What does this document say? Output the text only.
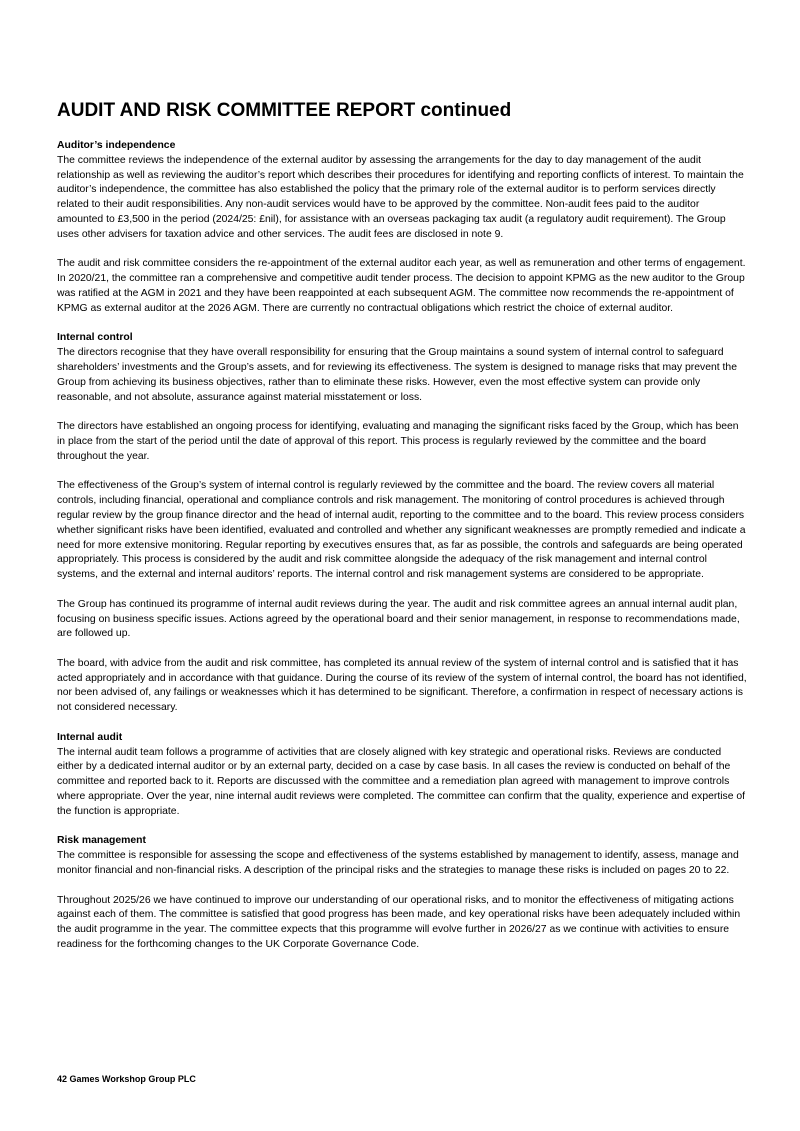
AUDIT AND RISK COMMITTEE REPORT continued

Auditor’s independence

The committee reviews the independence of the external auditor by assessing the arrangements for the day to day management of the audit relationship as well as reviewing the auditor’s report which describes their procedures for identifying and reporting conflicts of interest. To maintain the auditor’s independence, the committee has also established the policy that the primary role of the external auditor is to perform services directly related to their audit responsibilities. Any non-audit services would have to be approved by the committee. Non-audit fees paid to the auditor amounted to £3,500 in the period (2024/25: £nil), for assistance with an overseas packaging tax audit (a regulatory audit requirement). The Group uses other advisers for taxation advice and other services. The audit fees are disclosed in note 9.

The audit and risk committee considers the re-appointment of the external auditor each year, as well as remuneration and other terms of engagement. In 2020/21, the committee ran a comprehensive and competitive audit tender process. The decision to appoint KPMG as the new auditor to the Group was ratified at the AGM in 2021 and they have been reappointed at each subsequent AGM. The committee now recommends the re-appointment of KPMG as external auditor at the 2026 AGM. There are currently no contractual obligations which restrict the choice of external auditor.

Internal control

The directors recognise that they have overall responsibility for ensuring that the Group maintains a sound system of internal control to safeguard shareholders’ investments and the Group’s assets, and for reviewing its effectiveness. The system is designed to manage risks that may prevent the Group from achieving its business objectives, rather than to eliminate these risks. However, even the most effective system can provide only reasonable, and not absolute, assurance against material misstatement or loss.

The directors have established an ongoing process for identifying, evaluating and managing the significant risks faced by the Group, which has been in place from the start of the period until the date of approval of this report. This process is regularly reviewed by the committee and the board throughout the year.

The effectiveness of the Group’s system of internal control is regularly reviewed by the committee and the board. The review covers all material controls, including financial, operational and compliance controls and risk management. The monitoring of control procedures is achieved through regular review by the group finance director and the head of internal audit, reporting to the committee and to the board. This review process considers whether significant risks have been identified, evaluated and controlled and whether any significant weaknesses are promptly remedied and indicate a need for more extensive monitoring. Regular reporting by executives ensures that, as far as possible, the controls and safeguards are being operated appropriately. This process is considered by the audit and risk committee alongside the adequacy of the risk management and internal control systems, and the external and internal auditors’ reports. The internal control and risk management systems are considered to be appropriate.

The Group has continued its programme of internal audit reviews during the year. The audit and risk committee agrees an annual internal audit plan, focusing on business specific issues. Actions agreed by the operational board and their senior management, in response to recommendations made, are followed up.

The board, with advice from the audit and risk committee, has completed its annual review of the system of internal control and is satisfied that it has acted appropriately and in accordance with that guidance. During the course of its review of the system of internal control, the board has not identified, nor been advised of, any failings or weaknesses which it has determined to be significant. Therefore, a confirmation in respect of necessary actions is not considered necessary.

Internal audit

The internal audit team follows a programme of activities that are closely aligned with key strategic and operational risks. Reviews are conducted either by a dedicated internal auditor or by an external party, decided on a case by case basis. In all cases the review is conducted on behalf of the committee and reported back to it. Reports are discussed with the committee and a remediation plan agreed with management to improve controls where appropriate. Over the year, nine internal audit reviews were completed. The committee can confirm that the quality, experience and expertise of the function is appropriate.

Risk management

The committee is responsible for assessing the scope and effectiveness of the systems established by management to identify, assess, manage and monitor financial and non-financial risks. A description of the principal risks and the strategies to manage these risks is included on pages 20 to 22.

Throughout 2025/26 we have continued to improve our understanding of our operational risks, and to monitor the effectiveness of mitigating actions against each of them. The committee is satisfied that good progress has been made, and key operational risks have been adequately included within the audit programme in the year. The committee expects that this programme will evolve further in 2026/27 as we continue with activities to ensure readiness for the forthcoming changes to the UK Corporate Governance Code.

42 Games Workshop Group PLC
